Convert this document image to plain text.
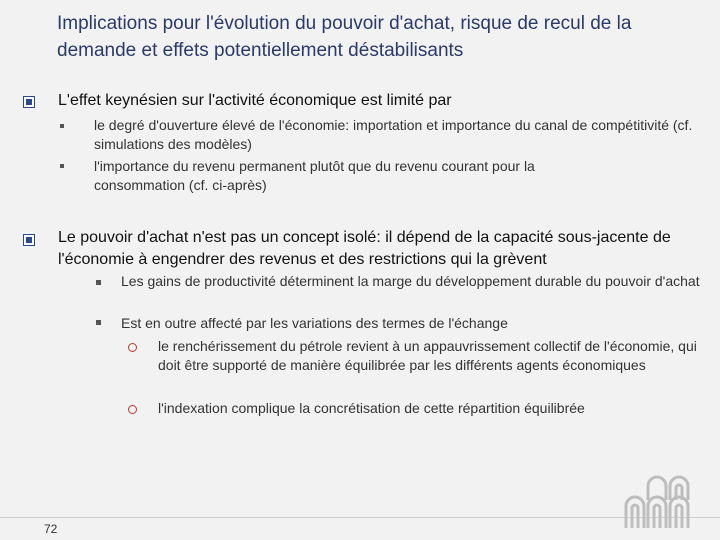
Implications pour l'évolution du pouvoir d'achat, risque de recul de la demande et effets potentiellement déstabilisants
L'effet keynésien sur l'activité économique est limité par
le degré d'ouverture élevé de l'économie: importation et importance du canal de compétitivité (cf. simulations des modèles)
l'importance du revenu permanent plutôt que du revenu courant pour la consommation (cf. ci-après)
Le pouvoir d'achat n'est pas un concept isolé: il dépend de la capacité sous-jacente de l'économie à engendrer des revenus et des restrictions qui la grèvent
Les gains de productivité déterminent la marge du développement durable du pouvoir d'achat
Est en outre affecté par les variations des termes de l'échange
le renchérissement du pétrole revient à un appauvrissement collectif de l'économie, qui doit être supporté de manière équilibrée par les différents agents économiques
l'indexation complique la concrétisation de cette répartition équilibrée
72
